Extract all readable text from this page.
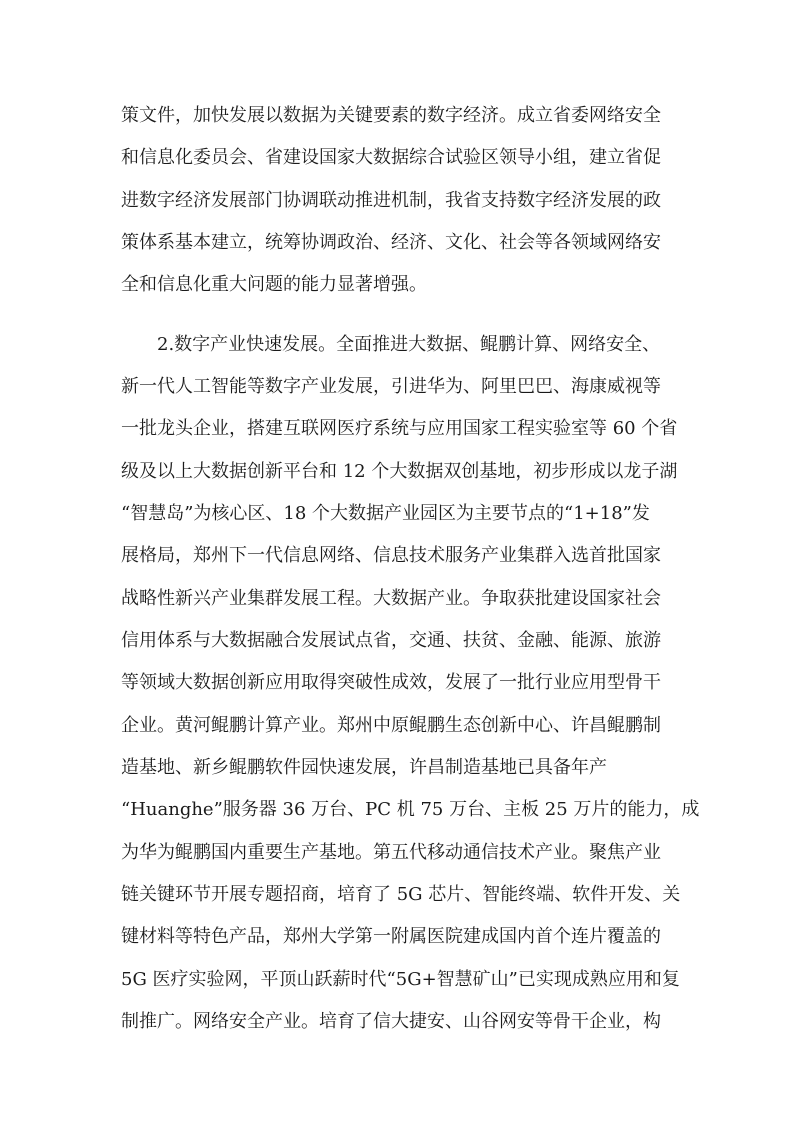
策文件，加快发展以数据为关键要素的数字经济。成立省委网络安全

和信息化委员会、省建设国家大数据综合试验区领导小组，建立省促

进数字经济发展部门协调联动推进机制，我省支持数字经济发展的政

策体系基本建立，统筹协调政治、经济、文化、社会等各领域网络安

全和信息化重大问题的能力显著增强。

2.数字产业快速发展。全面推进大数据、鲲鹏计算、网络安全、

新一代人工智能等数字产业发展，引进华为、阿里巴巴、海康威视等

一批龙头企业，搭建互联网医疗系统与应用国家工程实验室等 60 个省

级及以上大数据创新平台和 12 个大数据双创基地，初步形成以龙子湖

“智慧岛”为核心区、18 个大数据产业园区为主要节点的“1+18”发

展格局，郑州下一代信息网络、信息技术服务产业集群入选首批国家

战略性新兴产业集群发展工程。大数据产业。争取获批建设国家社会

信用体系与大数据融合发展试点省，交通、扶贫、金融、能源、旅游

等领域大数据创新应用取得突破性成效，发展了一批行业应用型骨干

企业。黄河鲲鹏计算产业。郑州中原鲲鹏生态创新中心、许昌鲲鹏制

造基地、新乡鲲鹏软件园快速发展，许昌制造基地已具备年产

“Huanghe”服务器 36 万台、PC 机 75 万台、主板 25 万片的能力，成

为华为鲲鹏国内重要生产基地。第五代移动通信技术产业。聚焦产业

链关键环节开展专题招商，培育了 5G 芯片、智能终端、软件开发、关

键材料等特色产品，郑州大学第一附属医院建成国内首个连片覆盖的

5G 医疗实验网，平顶山跃薪时代“5G+智慧矿山”已实现成熟应用和复

制推广。网络安全产业。培育了信大捷安、山谷网安等骨干企业，构
